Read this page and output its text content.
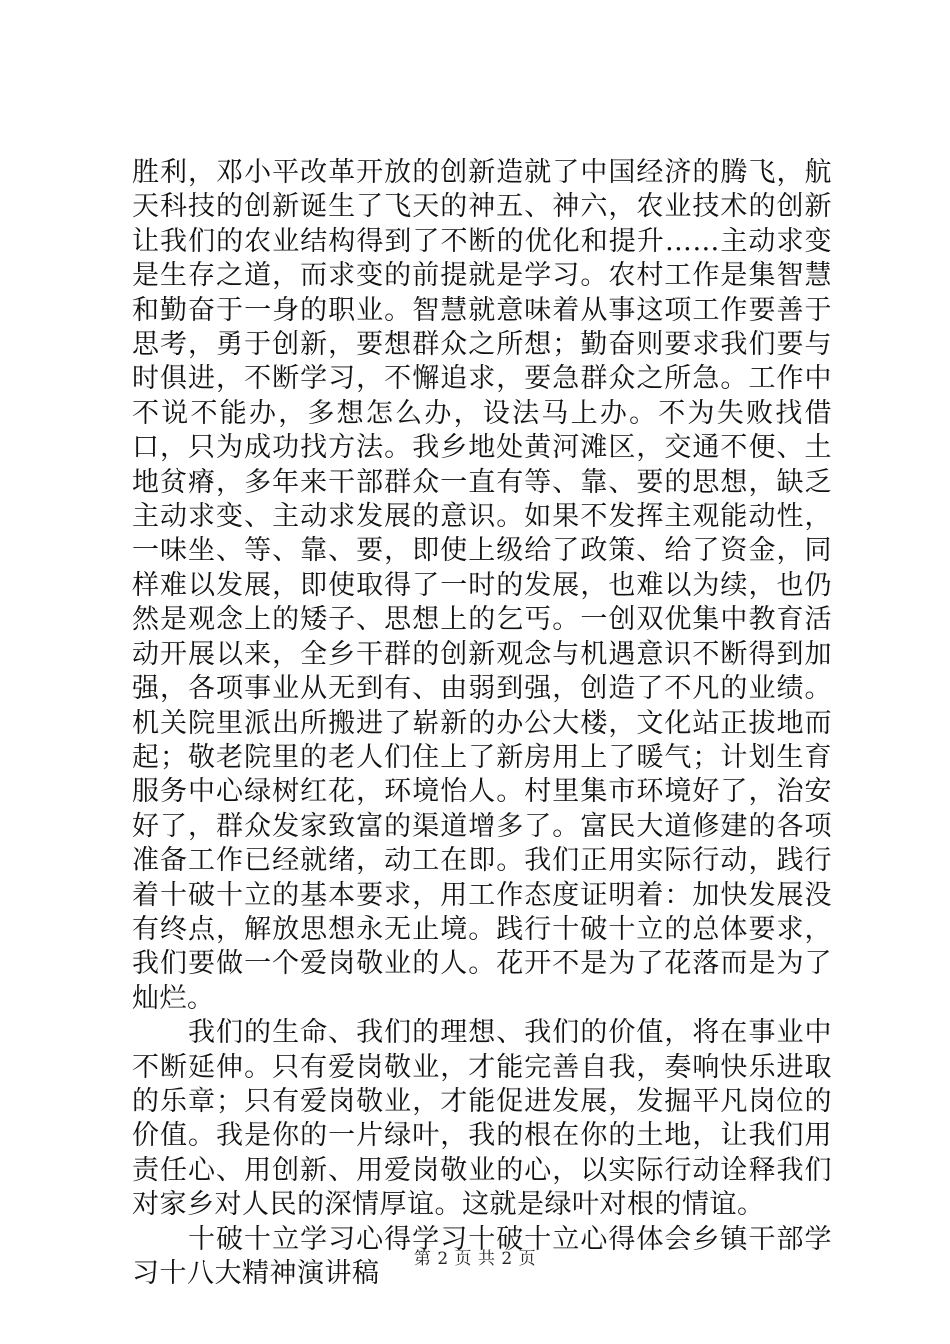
胜利，邓小平改革开放的创新造就了中国经济的腾飞，航天科技的创新诞生了飞天的神五、神六，农业技术的创新让我们的农业结构得到了不断的优化和提升……主动求变是生存之道，而求变的前提就是学习。农村工作是集智慧和勤奋于一身的职业。智慧就意味着从事这项工作要善于思考，勇于创新，要想群众之所想；勤奋则要求我们要与时俱进，不断学习，不懈追求，要急群众之所急。工作中不说不能办，多想怎么办，设法马上办。不为失败找借口，只为成功找方法。我乡地处黄河滩区，交通不便、土地贫瘠，多年来干部群众一直有等、靠、要的思想，缺乏主动求变、主动求发展的意识。如果不发挥主观能动性，一味坐、等、靠、要，即使上级给了政策、给了资金，同样难以发展，即使取得了一时的发展，也难以为续，也仍然是观念上的矮子、思想上的乞丐。一创双优集中教育活动开展以来，全乡干群的创新观念与机遇意识不断得到加强，各项事业从无到有、由弱到强，创造了不凡的业绩。机关院里派出所搬进了崭新的办公大楼，文化站正拔地而起；敬老院里的老人们住上了新房用上了暖气；计划生育服务中心绿树红花，环境怡人。村里集市环境好了，治安好了，群众发家致富的渠道增多了。富民大道修建的各项准备工作已经就绪，动工在即。我们正用实际行动，践行着十破十立的基本要求，用工作态度证明着：加快发展没有终点，解放思想永无止境。践行十破十立的总体要求，我们要做一个爱岗敬业的人。花开不是为了花落而是为了灿烂。

我们的生命、我们的理想、我们的价值，将在事业中不断延伸。只有爱岗敬业，才能完善自我，奏响快乐进取的乐章；只有爱岗敬业，才能促进发展，发掘平凡岗位的价值。我是你的一片绿叶，我的根在你的土地，让我们用责任心、用创新、用爱岗敬业的心，以实际行动诠释我们对家乡对人民的深情厚谊。这就是绿叶对根的情谊。

十破十立学习心得学习十破十立心得体会乡镇干部学习十八大精神演讲稿	第 2 页 共 2 页
